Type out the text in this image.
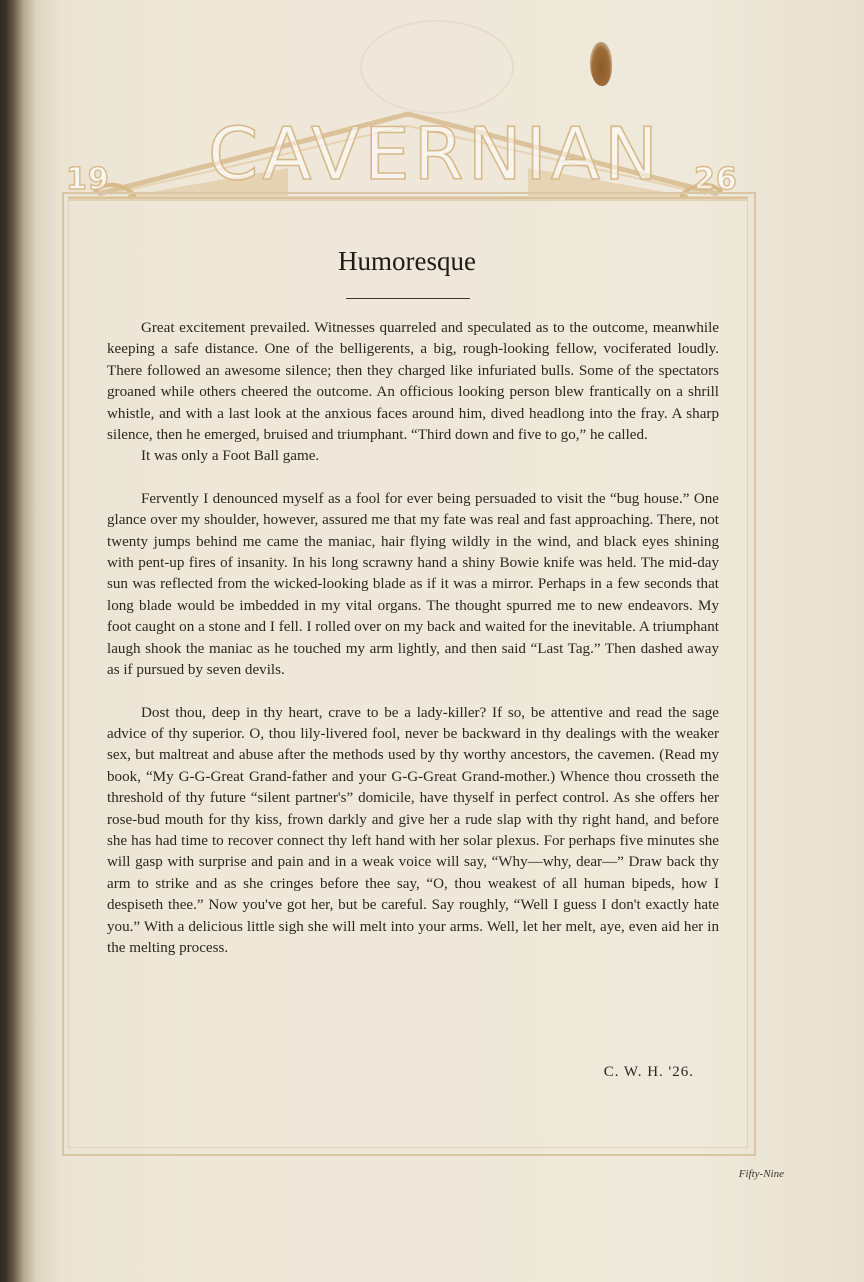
19 CAVERNIAN 26
Humoresque

Great excitement prevailed. Witnesses quarreled and speculated as to the outcome, meanwhile keeping a safe distance. One of the belligerents, a big, rough-looking fellow, vociferated loudly. There followed an awesome silence; then they charged like infuriated bulls. Some of the spectators groaned while others cheered the outcome. An officious looking person blew frantically on a shrill whistle, and with a last look at the anxious faces around him, dived headlong into the fray. A sharp silence, then he emerged, bruised and triumphant. “Third down and five to go,” he called.

It was only a Foot Ball game.

Fervently I denounced myself as a fool for ever being persuaded to visit the “bug house.” One glance over my shoulder, however, assured me that my fate was real and fast approaching. There, not twenty jumps behind me came the maniac, hair flying wildly in the wind, and black eyes shining with pent-up fires of insanity. In his long scrawny hand a shiny Bowie knife was held. The mid-day sun was reflected from the wicked-looking blade as if it was a mirror. Perhaps in a few seconds that long blade would be imbedded in my vital organs. The thought spurred me to new endeavors. My foot caught on a stone and I fell. I rolled over on my back and waited for the inevitable. A triumphant laugh shook the maniac as he touched my arm lightly, and then said “Last Tag.” Then dashed away as if pursued by seven devils.

Dost thou, deep in thy heart, crave to be a lady-killer? If so, be attentive and read the sage advice of thy superior. O, thou lily-livered fool, never be backward in thy dealings with the weaker sex, but maltreat and abuse after the methods used by thy worthy ancestors, the cavemen. (Read my book, “My G-G-Great Grand-father and your G-G-Great Grand-mother.) Whence thou crosseth the threshold of thy future “silent partner's” domicile, have thyself in perfect control. As she offers her rose-bud mouth for thy kiss, frown darkly and give her a rude slap with thy right hand, and before she has had time to recover connect thy left hand with her solar plexus. For perhaps five minutes she will gasp with surprise and pain and in a weak voice will say, “Why—why, dear—” Draw back thy arm to strike and as she cringes before thee say, “O, thou weakest of all human bipeds, how I despiseth thee.” Now you've got her, but be careful. Say roughly, “Well I guess I don't exactly hate you.” With a delicious little sigh she will melt into your arms. Well, let her melt, aye, even aid her in the melting process.

C. W. H. '26.
Fifty-Nine
